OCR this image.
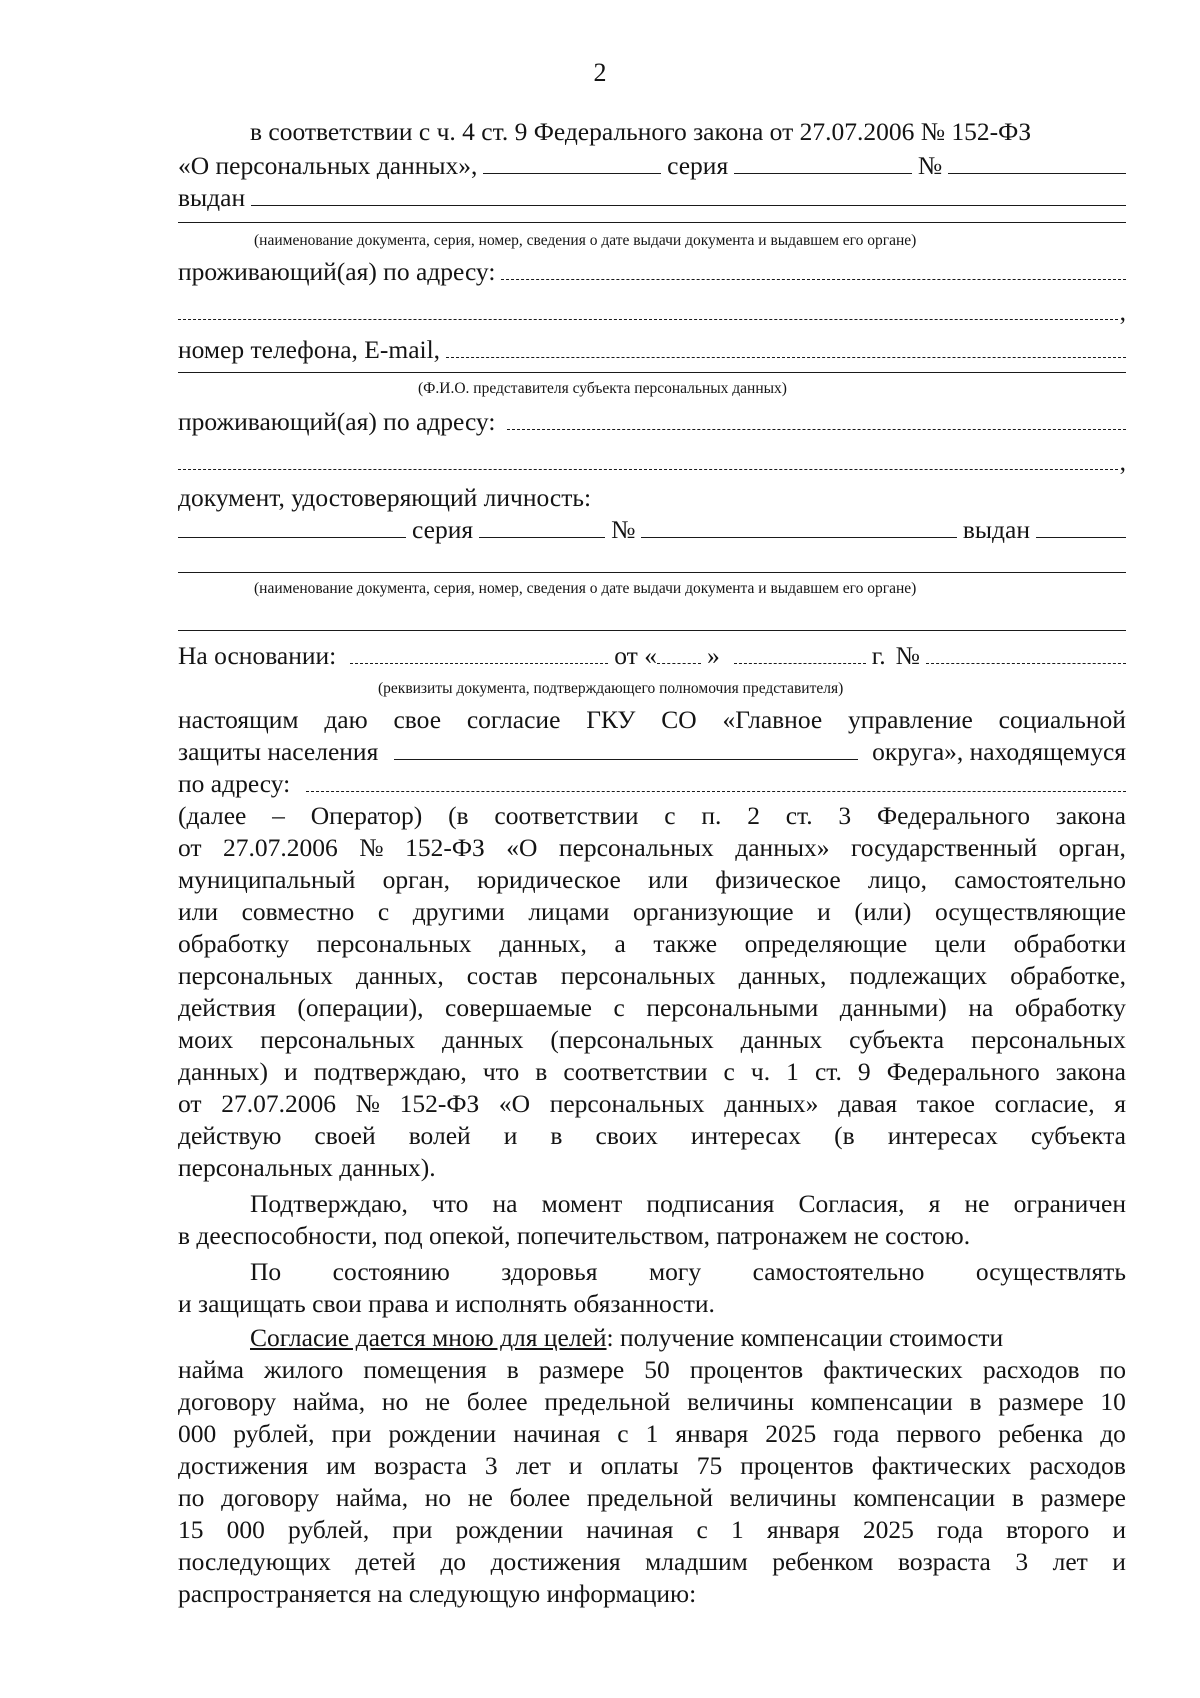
2
в соответствии с ч. 4 ст. 9 Федерального закона от 27.07.2006 № 152-ФЗ
«О персональных данных»,	серия	№
выдан
(наименование документа, серия, номер, сведения о дате выдачи документа и выдавшем его органе)
проживающий(ая) по адресу:
,
номер телефона, E-mail,
(Ф.И.О. представителя субъекта персональных данных)
проживающий(ая) по адресу:
,
документ, удостоверяющий личность:
серия	№	выдан
(наименование документа, серия, номер, сведения о дате выдачи документа и выдавшем его органе)
На основании:	от « »	г. №
(реквизиты документа, подтверждающего полномочия представителя)
настоящим даю свое согласие ГКУ СО «Главное управление социальной
защиты населения	округа», находящемуся
по адресу:
(далее – Оператор) (в соответствии с п. 2 ст. 3 Федерального закона
от 27.07.2006 № 152-ФЗ «О персональных данных» государственный орган,
муниципальный орган, юридическое или физическое лицо, самостоятельно
или совместно с другими лицами организующие и (или) осуществляющие
обработку персональных данных, а также определяющие цели обработки
персональных данных, состав персональных данных, подлежащих обработке,
действия (операции), совершаемые с персональными данными) на обработку
моих персональных данных (персональных данных субъекта персональных
данных) и подтверждаю, что в соответствии с ч. 1 ст. 9 Федерального закона
от 27.07.2006 № 152-ФЗ «О персональных данных» давая такое согласие, я
действую своей волей и в своих интересах (в интересах субъекта
персональных данных).
Подтверждаю, что на момент подписания Согласия, я не ограничен
в дееспособности, под опекой, попечительством, патронажем не состою.
По состоянию здоровья могу самостоятельно осуществлять
и защищать свои права и исполнять обязанности.
Согласие дается мною для целей : получение компенсации стоимости
найма жилого помещения в размере 50 процентов фактических расходов по
договору найма, но не более предельной величины компенсации в размере 10
000 рублей, при рождении начиная с 1 января 2025 года первого ребенка до
достижения им возраста 3 лет и оплаты 75 процентов фактических расходов
по договору найма, но не более предельной величины компенсации в размере
15 000 рублей, при рождении начиная с 1 января 2025 года второго и
последующих детей до достижения младшим ребенком возраста 3 лет и
распространяется на следующую информацию:
